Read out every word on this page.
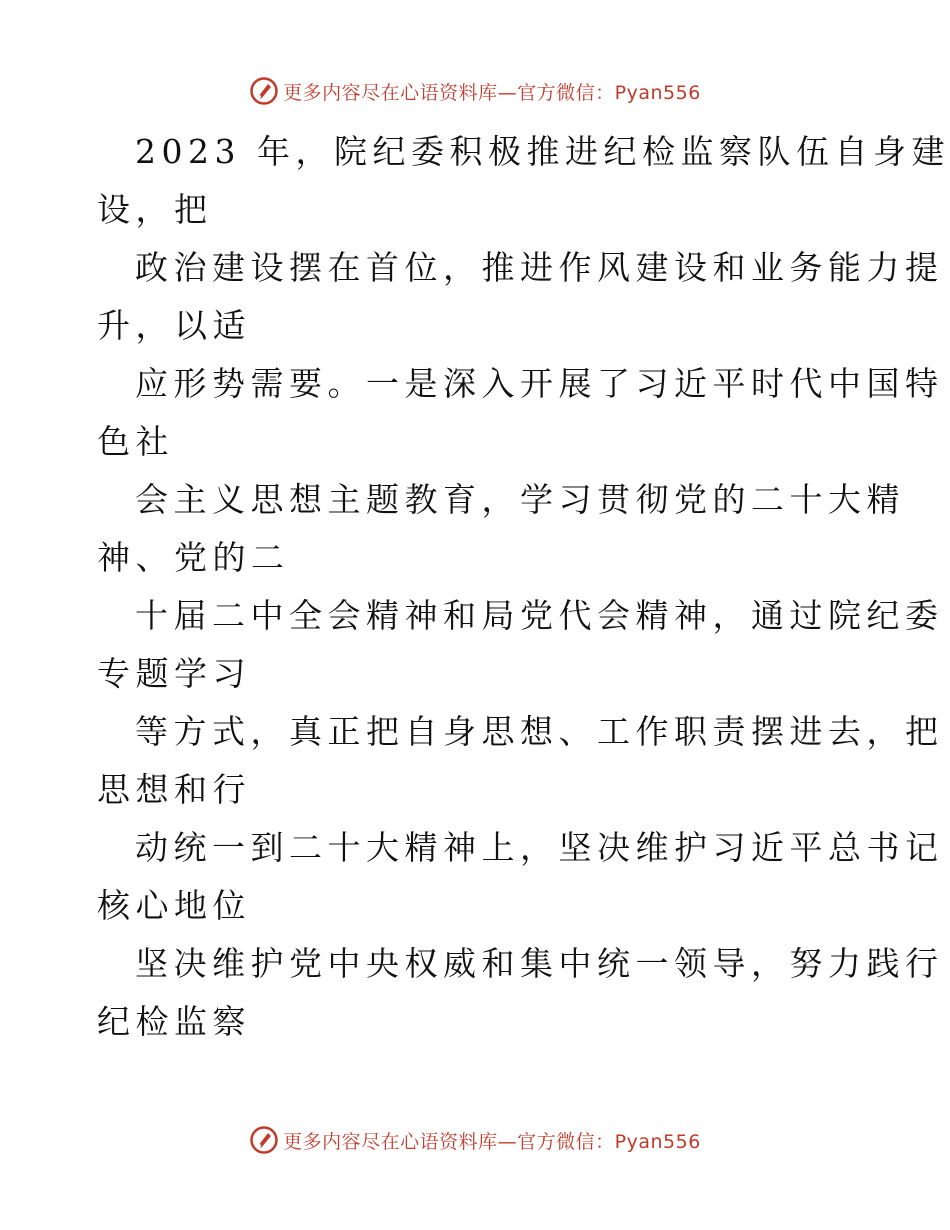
更多内容尽在心语资料库—官方微信：Pyan556
2023 年，院纪委积极推进纪检监察队伍自身建
设，把
政治建设摆在首位，推进作风建设和业务能力提
升，以适
应形势需要。一是深入开展了习近平时代中国特
色社
会主义思想主题教育，学习贯彻党的二十大精
神、党的二
十届二中全会精神和局党代会精神，通过院纪委
专题学习
等方式，真正把自身思想、工作职责摆进去，把
思想和行
动统一到二十大精神上，坚决维护习近平总书记
核心地位
坚决维护党中央权威和集中统一领导，努力践行
纪检监察
更多内容尽在心语资料库—官方微信：Pyan556
